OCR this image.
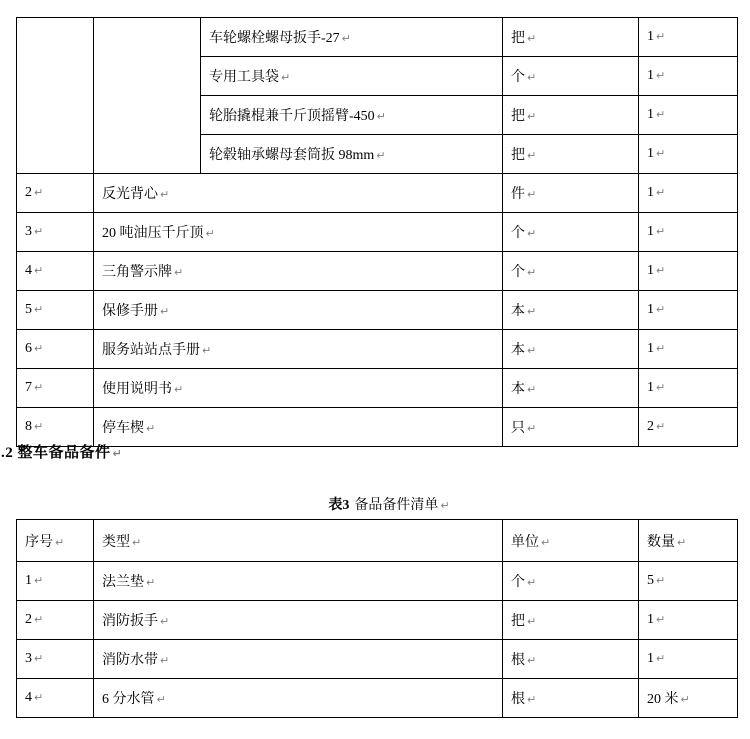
		车轮螺栓螺母扳手-27 ↵	把 ↵	1 ↵
		专用工具袋 ↵	个 ↵	1 ↵
		轮胎撬棍兼千斤顶摇臂-450 ↵	把 ↵	1 ↵
		轮毂轴承螺母套筒扳 98mm ↵	把 ↵	1 ↵
2 ↵	反光背心 ↵		件 ↵	1 ↵
3 ↵	20 吨油压千斤顶 ↵		个 ↵	1 ↵
4 ↵	三角警示牌 ↵		个 ↵	1 ↵
5 ↵	保修手册 ↵		本 ↵	1 ↵
6 ↵	服务站站点手册 ↵		本 ↵	1 ↵
7 ↵	使用说明书 ↵		本 ↵	1 ↵
8 ↵	停车楔 ↵		只 ↵	2 ↵
.2 整车备品备件 ↵
表3 备品备件清单 ↵
序号 ↵	类型 ↵	单位 ↵	数量 ↵
1 ↵	法兰垫 ↵	个 ↵	5 ↵
2 ↵	消防扳手 ↵	把 ↵	1 ↵
3 ↵	消防水带 ↵	根 ↵	1 ↵
4 ↵	6 分水管 ↵	根 ↵	20 米 ↵
